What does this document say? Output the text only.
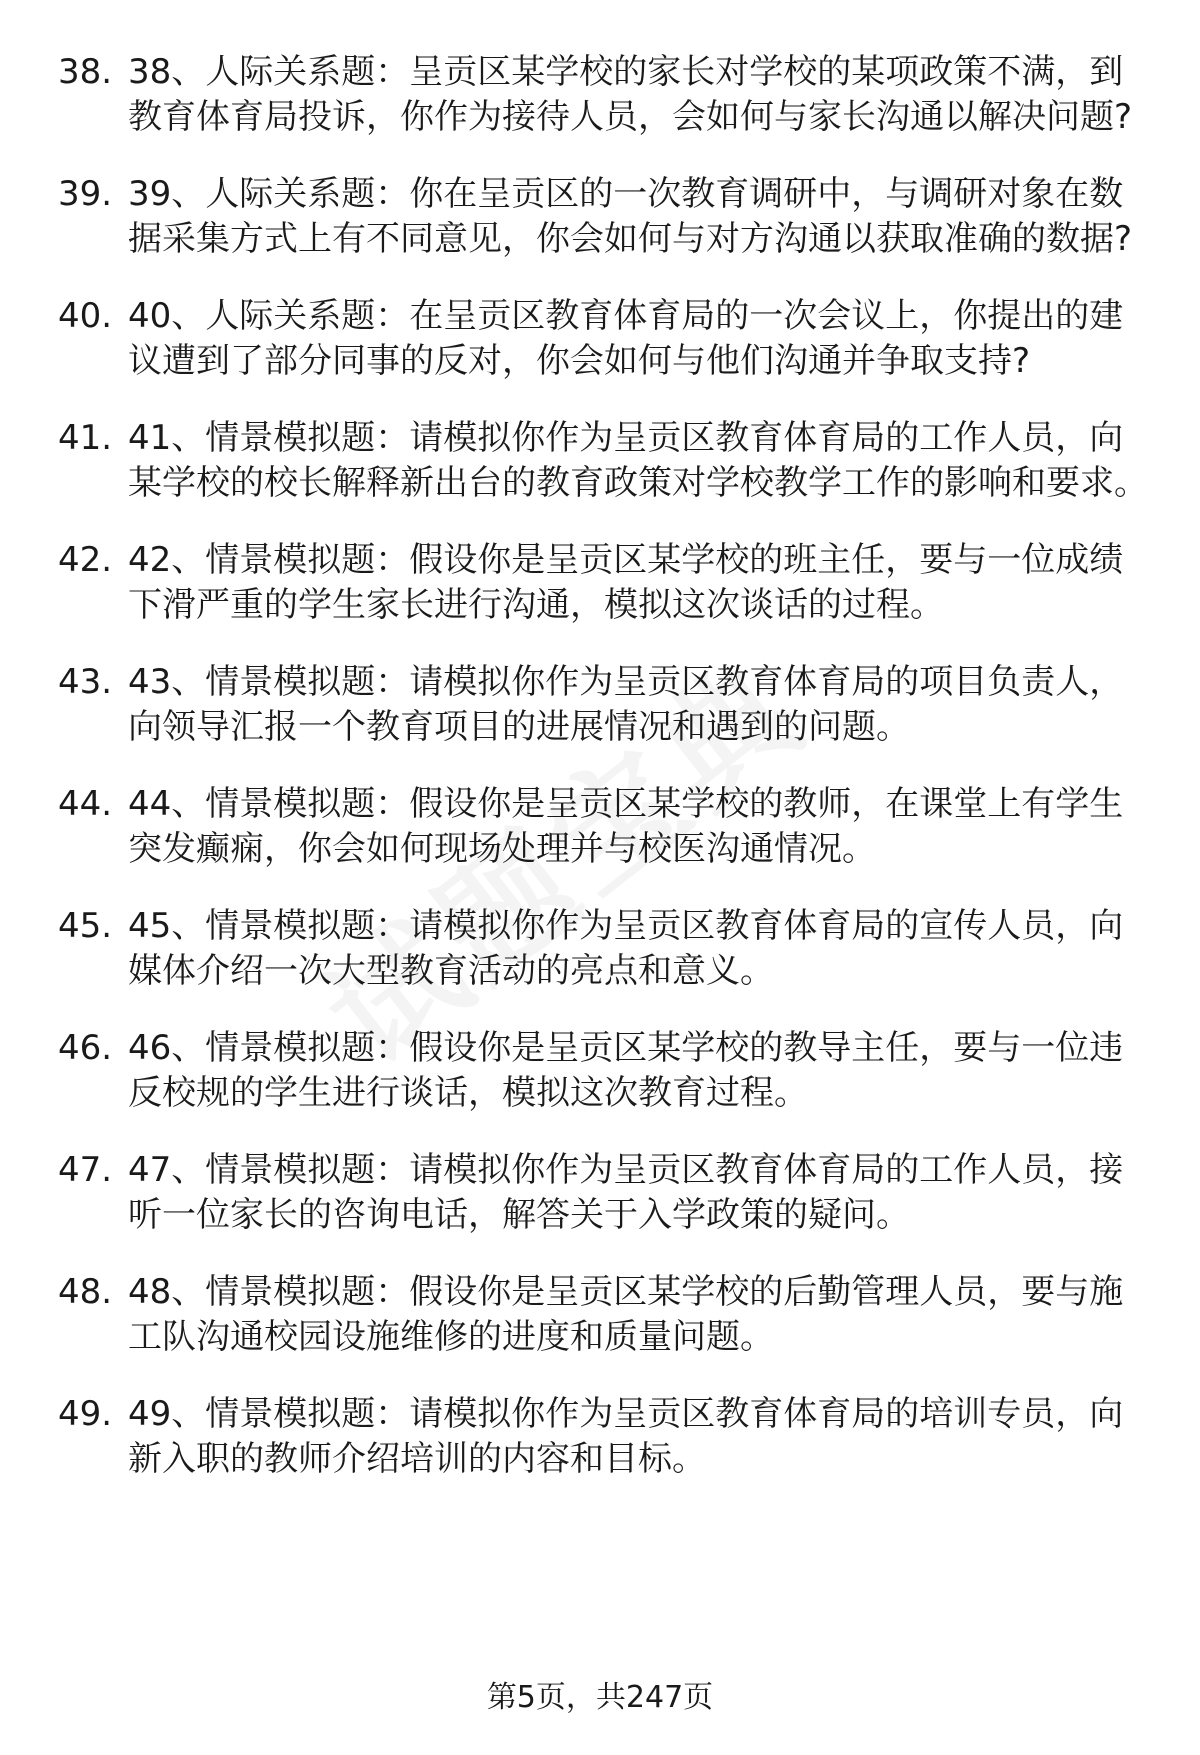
38. 38、人际关系题：呈贡区某学校的家长对学校的某项政策不满，到教育体育局投诉，你作为接待人员，会如何与家长沟通以解决问题?
39. 39、人际关系题：你在呈贡区的一次教育调研中，与调研对象在数据采集方式上有不同意见，你会如何与对方沟通以获取准确的数据?
40. 40、人际关系题：在呈贡区教育体育局的一次会议上，你提出的建议遭到了部分同事的反对，你会如何与他们沟通并争取支持?
41. 41、情景模拟题：请模拟你作为呈贡区教育体育局的工作人员，向某学校的校长解释新出台的教育政策对学校教学工作的影响和要求。
42. 42、情景模拟题：假设你是呈贡区某学校的班主任，要与一位成绩下滑严重的学生家长进行沟通，模拟这次谈话的过程。
43. 43、情景模拟题：请模拟你作为呈贡区教育体育局的项目负责人，向领导汇报一个教育项目的进展情况和遇到的问题。
44. 44、情景模拟题：假设你是呈贡区某学校的教师，在课堂上有学生突发癫痫，你会如何现场处理并与校医沟通情况。
45. 45、情景模拟题：请模拟你作为呈贡区教育体育局的宣传人员，向媒体介绍一次大型教育活动的亮点和意义。
46. 46、情景模拟题：假设你是呈贡区某学校的教导主任，要与一位违反校规的学生进行谈话，模拟这次教育过程。
47. 47、情景模拟题：请模拟你作为呈贡区教育体育局的工作人员，接听一位家长的咨询电话，解答关于入学政策的疑问。
48. 48、情景模拟题：假设你是呈贡区某学校的后勤管理人员，要与施工队沟通校园设施维修的进度和质量问题。
49. 49、情景模拟题：请模拟你作为呈贡区教育体育局的培训专员，向新入职的教师介绍培训的内容和目标。
第5页，共247页
